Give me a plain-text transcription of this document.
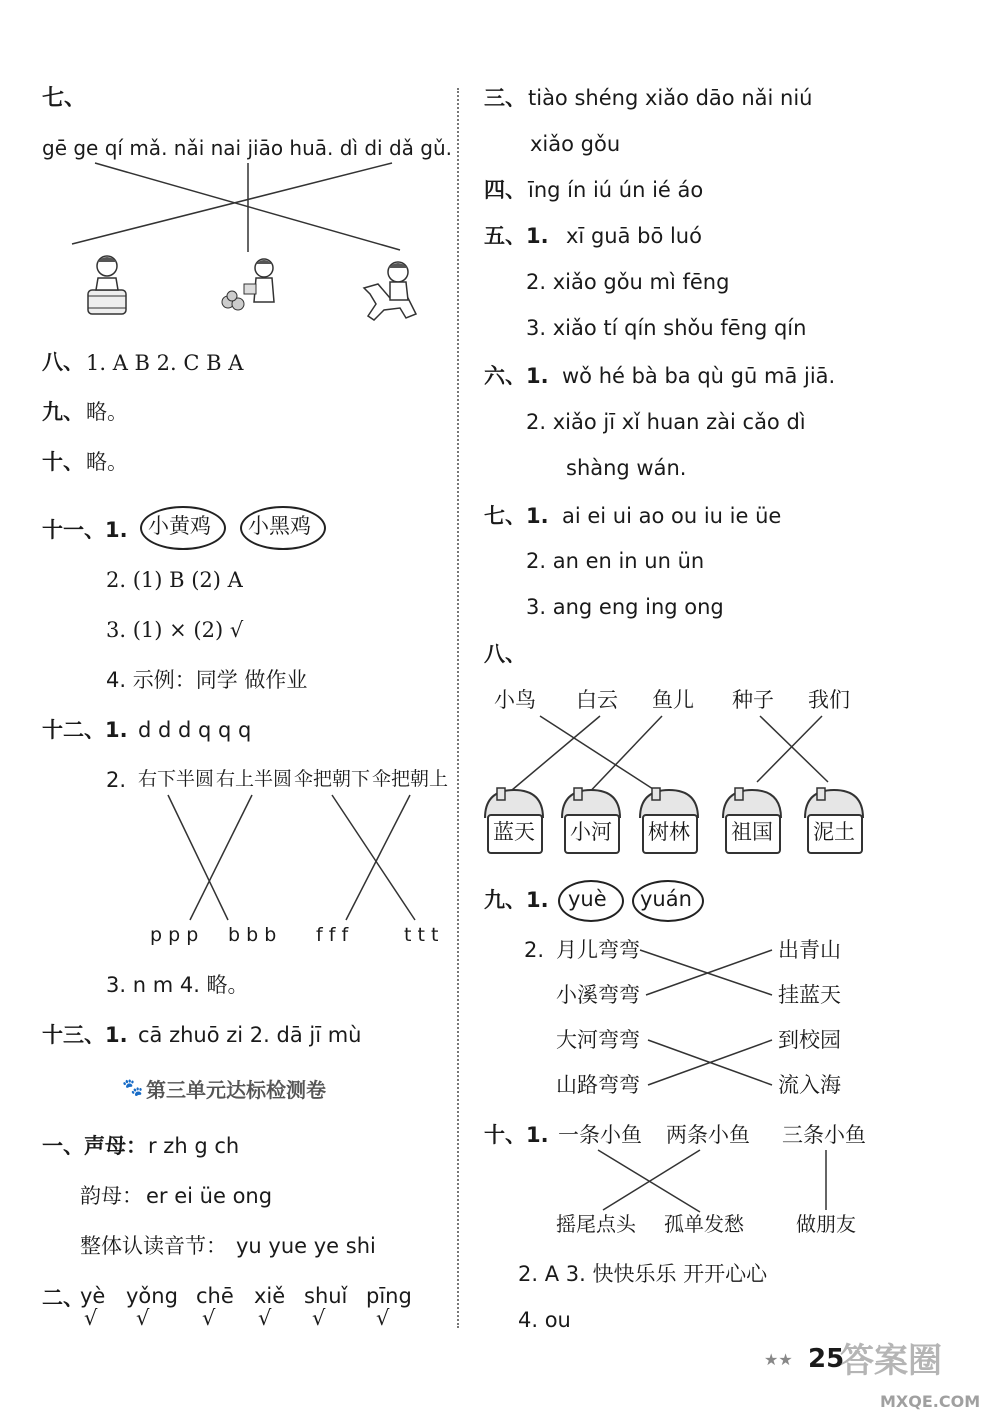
七、
gē ge qí mǎ. nǎi nai jiāo huā. dì di dǎ gǔ.
八、 1. A B 2. C B A
九、 略。
十、 略。
十一、1. 小黄鸡 小黑鸡
2. (1) B (2) A
3. (1) × (2) √
4. 示例：同学 做作业
十二、1. d d d q q q
2. 右下半圆 右上半圆 伞把朝下 伞把朝上
p p p b b b f f f	t t t
3. n m 4. 略。
十三、1. cā zhuō zi 2. dā jī mù
🐾 第三单元达标检测卷
一、声母： r zh g ch
韵母： er ei üe ong
整体认读音节： yu yue ye shi
二、
yè yǒng chē xiě shuǐ pīng
√ √	√ √ √ √
三、 tiào shéng xiǎo dāo nǎi niú
xiǎo gǒu
四、 īng ín iú ún ié áo
五、1. xī guā bō luó
2. xiǎo gǒu mì fēng
3. xiǎo tí qín shǒu fēng qín
六、1. wǒ hé bà ba qù gū mā jiā.
2. xiǎo jī xǐ huan zài cǎo dì
shàng wán.
七、1. ai ei ui ao ou iu ie üe
2. an en in un ün
3. ang eng ing ong
八、
小鸟 白云 鱼儿 种子 我们
蓝天	小河	树林	祖国	泥土
九、1. yuè yuán
2. 月儿弯弯
小溪弯弯
大河弯弯
山路弯弯
出青山
挂蓝天
到校园
流入海
十、1. 一条小鱼 两条小鱼 三条小鱼
摇尾点头 孤单发愁	做朋友
2. A 3. 快快乐乐 开开心心
4. ou
★★ 25
答案圈
MXQE.COM
